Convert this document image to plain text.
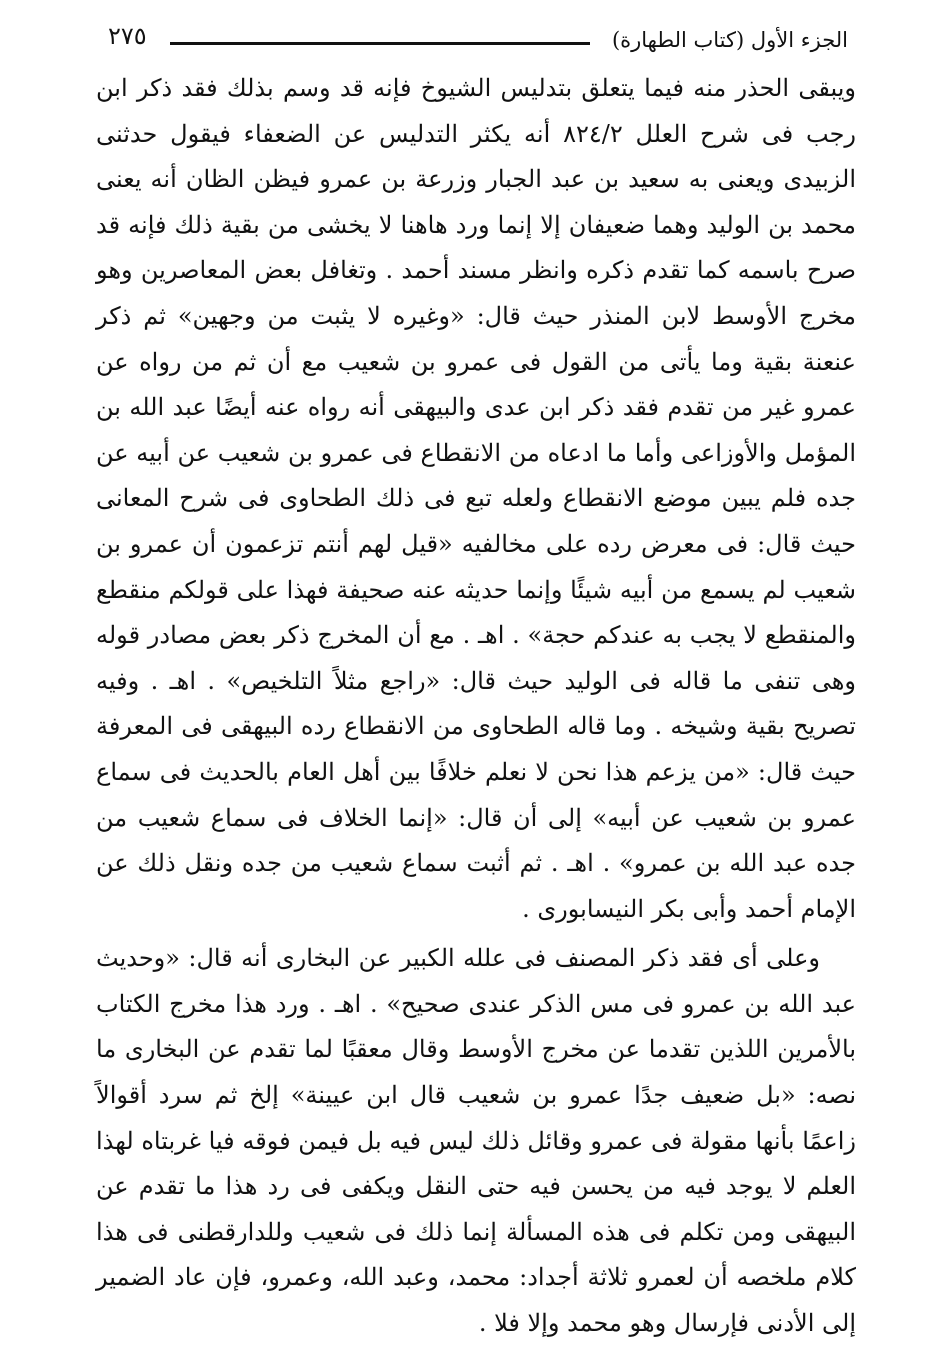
الجزء الأول (كتاب الطهارة)
٢٧٥

ويبقى الحذر منه فيما يتعلق بتدليس الشيوخ فإنه قد وسم بذلك فقد ذكر ابن رجب فى شرح العلل ٨٢٤/٢ أنه يكثر التدليس عن الضعفاء فيقول حدثنى الزبيدى ويعنى به سعيد بن عبد الجبار وزرعة بن عمرو فيظن الظان أنه يعنى محمد بن الوليد وهما ضعيفان إلا إنما ورد هاهنا لا يخشى من بقية ذلك فإنه قد صرح باسمه كما تقدم ذكره وانظر مسند أحمد . وتغافل بعض المعاصرين وهو مخرج الأوسط لابن المنذر حيث قال: «وغيره لا يثبت من وجهين» ثم ذكر عنعنة بقية وما يأتى من القول فى عمرو بن شعيب مع أن ثم من رواه عن عمرو غير من تقدم فقد ذكر ابن عدى والبيهقى أنه رواه عنه أيضًا عبد الله بن المؤمل والأوزاعى وأما ما ادعاه من الانقطاع فى عمرو بن شعيب عن أبيه عن جده فلم يبين موضع الانقطاع ولعله تبع فى ذلك الطحاوى فى شرح المعانى حيث قال: فى معرض رده على مخالفيه «قيل لهم أنتم تزعمون أن عمرو بن شعيب لم يسمع من أبيه شيئًا وإنما حديثه عنه صحيفة فهذا على قولكم منقطع والمنقطع لا يجب به عندكم حجة» . اهـ . مع أن المخرج ذكر بعض مصادر قوله وهى تنفى ما قاله فى الوليد حيث قال: «راجع مثلاً التلخيص» . اهـ . وفيه تصريح بقية وشيخه . وما قاله الطحاوى من الانقطاع رده البيهقى فى المعرفة حيث قال: «من يزعم هذا نحن لا نعلم خلافًا بين أهل العام بالحديث فى سماع عمرو بن شعيب عن أبيه» إلى أن قال: «إنما الخلاف فى سماع شعيب من جده عبد الله بن عمرو» . اهـ . ثم أثبت سماع شعيب من جده ونقل ذلك عن الإمام أحمد وأبى بكر النيسابورى .

وعلى أى فقد ذكر المصنف فى علله الكبير عن البخارى أنه قال: «وحديث عبد الله بن عمرو فى مس الذكر عندى صحيح» . اهـ . ورد هذا مخرج الكتاب بالأمرين اللذين تقدما عن مخرج الأوسط وقال معقبًا لما تقدم عن البخارى ما نصه: «بل ضعيف جدًا عمرو بن شعيب قال ابن عيينة» إلخ ثم سرد أقوالاً زاعمًا بأنها مقولة فى عمرو وقائل ذلك ليس فيه بل فيمن فوقه فيا غربتاه لهذا العلم لا يوجد فيه من يحسن فيه حتى النقل ويكفى فى رد هذا ما تقدم عن البيهقى ومن تكلم فى هذه المسألة إنما ذلك فى شعيب وللدارقطنى فى هذا كلام ملخصه أن لعمرو ثلاثة أجداد: محمد، وعبد الله، وعمرو، فإن عاد الضمير إلى الأدنى فإرسال وهو محمد وإلا فلا .
